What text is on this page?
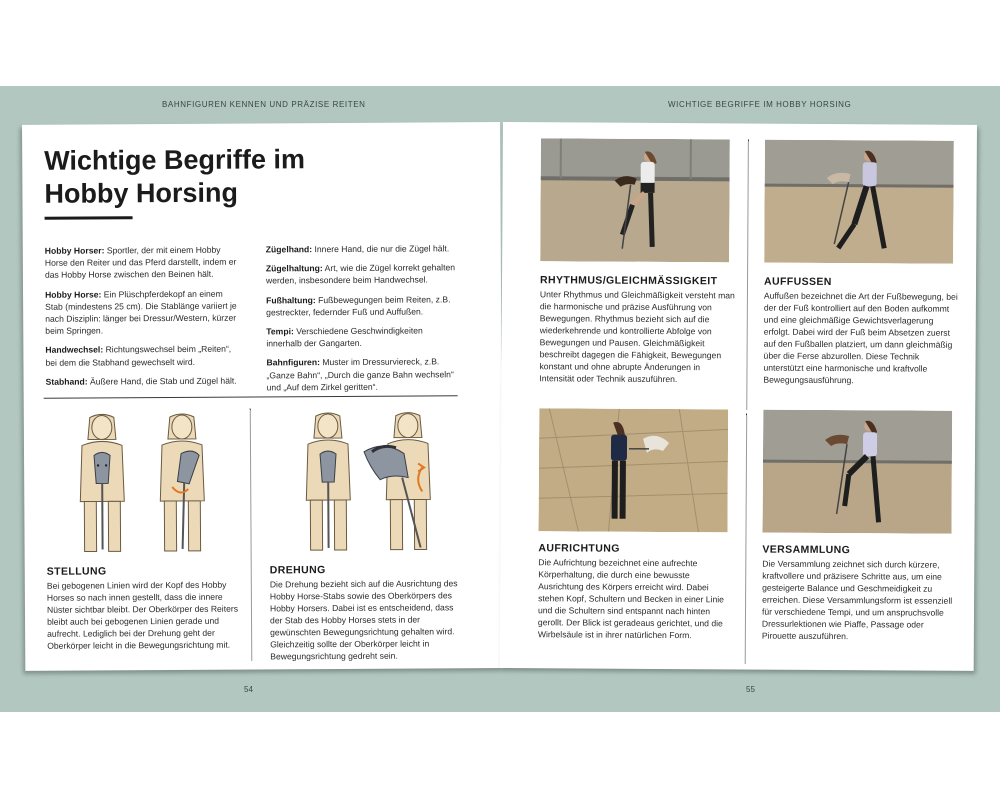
BAHNFIGUREN KENNEN UND PRÄZISE REITEN	WICHTIGE BEGRIFFE IM HOBBY HORSING
Wichtige Begriffe im Hobby Horsing

Hobby Horser: Sportler, der mit einem Hobby Horse den Reiter und das Pferd darstellt, indem er das Hobby Horse zwischen den Beinen hält.

Hobby Horse: Ein Plüschpferdekopf an einem Stab (mindestens 25 cm). Die Stablänge variiert je nach Disziplin: länger bei Dressur/Western, kürzer beim Springen.

Handwechsel: Richtungswechsel beim „Reiten“, bei dem die Stabhand gewechselt wird.

Stabhand: Äußere Hand, die Stab und Zügel hält.

Zügelhand: Innere Hand, die nur die Zügel hält.

Zügelhaltung: Art, wie die Zügel korrekt gehalten werden, insbesondere beim Handwechsel.

Fußhaltung: Fußbewegungen beim Reiten, z.B. gestreckter, federnder Fuß und Auffußen.

Tempi: Verschiedene Geschwindigkeiten innerhalb der Gangarten.

Bahnfiguren: Muster im Dressurviereck, z.B. „Ganze Bahn“, „Durch die ganze Bahn wechseln“ und „Auf dem Zirkel geritten“.

STELLUNG
Bei gebogenen Linien wird der Kopf des Hobby Horses so nach innen gestellt, dass die innere Nüster sichtbar bleibt. Der Oberkörper des Reiters bleibt auch bei gebogenen Linien gerade und aufrecht. Lediglich bei der Drehung geht der Oberkörper leicht in die Bewegungsrichtung mit.
DREHUNG
Die Drehung bezieht sich auf die Ausrichtung des Hobby Horse-Stabs sowie des Oberkörpers des Hobby Horsers. Dabei ist es entscheidend, dass der Stab des Hobby Horses stets in der gewünschten Bewegungsrichtung gehalten wird. Gleichzeitig sollte der Oberkörper leicht in Bewegungsrichtung gedreht sein.
RHYTHMUS/GLEICHMÄSSIGKEIT
Unter Rhythmus und Gleichmäßigkeit versteht man die harmonische und präzise Ausführung von Bewegungen. Rhythmus bezieht sich auf die wiederkehrende und kontrollierte Abfolge von Bewegungen und Pausen. Gleichmäßigkeit beschreibt dagegen die Fähigkeit, Bewegungen konstant und ohne abrupte Änderungen in Intensität oder Technik auszuführen.
AUFFUSSEN
Auffußen bezeichnet die Art der Fußbewegung, bei der der Fuß kontrolliert auf den Boden aufkommt und eine gleichmäßige Gewichtsverlagerung erfolgt. Dabei wird der Fuß beim Absetzen zuerst auf den Fußballen platziert, um dann gleichmäßig über die Ferse abzurollen. Diese Technik unterstützt eine harmonische und kraftvolle Bewegungsausführung.
AUFRICHTUNG
Die Aufrichtung bezeichnet eine aufrechte Körperhaltung, die durch eine bewusste Ausrichtung des Körpers erreicht wird. Dabei stehen Kopf, Schultern und Becken in einer Linie und die Schultern sind entspannt nach hinten gerollt. Der Blick ist geradeaus gerichtet, und die Wirbelsäule ist in ihrer natürlichen Form.
VERSAMMLUNG
Die Versammlung zeichnet sich durch kürzere, kraftvollere und präzisere Schritte aus, um eine gesteigerte Balance und Geschmeidigkeit zu erreichen. Diese Versammlungsform ist essenziell für verschiedene Tempi, und um anspruchsvolle Dressurlektionen wie Piaffe, Passage oder Pirouette auszuführen.
54	55
